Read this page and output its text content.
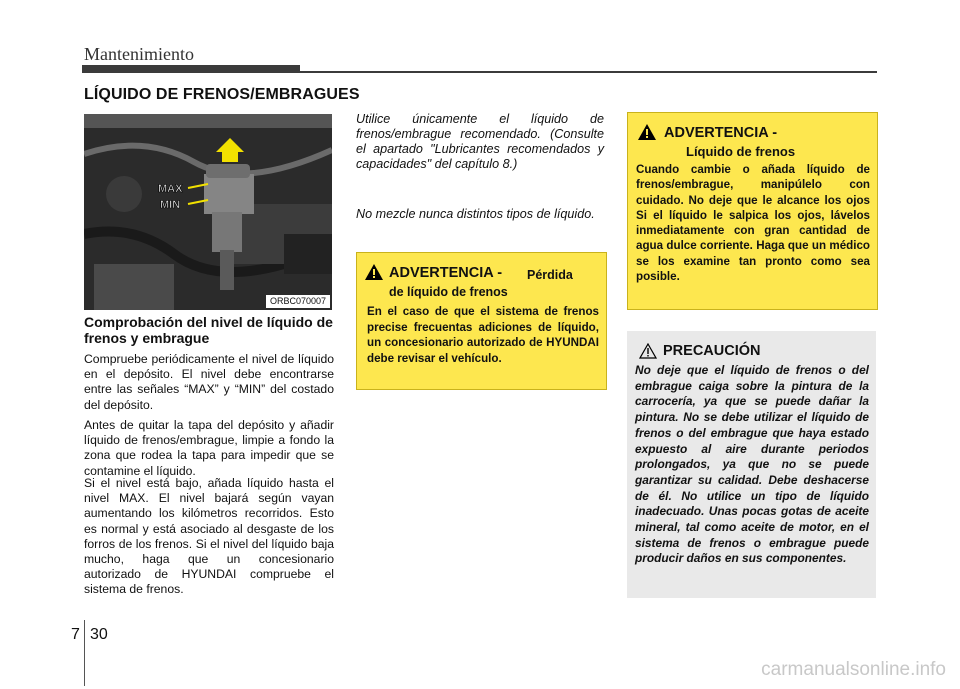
Mantenimiento
LÍQUIDO DE FRENOS/EMBRAGUES
MAX
MIN
ORBC070007
Comprobación del nivel de líquido de frenos y embrague

Compruebe periódicamente el nivel de líquido en el depósito. El nivel debe encontrarse entre las señales “MAX” y “MIN” del costado del depósito.

Antes de quitar la tapa del depósito y añadir líquido de frenos/embrague, limpie a fondo la zona que rodea la tapa para impedir que se contamine el líquido.

Si el nivel está bajo, añada líquido hasta el nivel MAX. El nivel bajará según vayan aumentando los kilómetros recorridos. Esto es normal y está asociado al desgaste de los forros de los frenos. Si el nivel del líquido baja mucho, haga que un concesionario autorizado de HYUNDAI compruebe el sistema de frenos.

Utilice únicamente el líquido de frenos/embrague recomendado. (Consulte el apartado "Lubricantes recomendados y capacidades" del capítulo 8.)

No mezcle nunca distintos tipos de líquido.

ADVERTENCIA - Pérdida
de líquido de frenos
En el caso de que el sistema de frenos precise frecuentas adiciones de líquido, un concesionario autorizado de HYUNDAI debe revisar el vehículo.
ADVERTENCIA -
Líquido de frenos
Cuando cambie o añada líquido de frenos/embrague, manipúlelo con cuidado. No deje que le alcance los ojos Si el líquido le salpica los ojos, lávelos inmediatamente con gran cantidad de agua dulce corriente. Haga que un médico se los examine tan pronto como sea posible.
PRECAUCIÓN
No deje que el líquido de frenos o del embrague caiga sobre la pintura de la carrocería, ya que se puede dañar la pintura. No se debe utilizar el líquido de frenos o del embrague que haya estado expuesto al aire durante periodos prolongados, ya que no se puede garantizar su calidad. Debe deshacerse de él. No utilice un tipo de líquido inadecuado. Unas pocas gotas de aceite mineral, tal como aceite de motor, en el sistema de frenos o embrague puede producir daños en sus componentes.
7 30
carmanualsonline.info
